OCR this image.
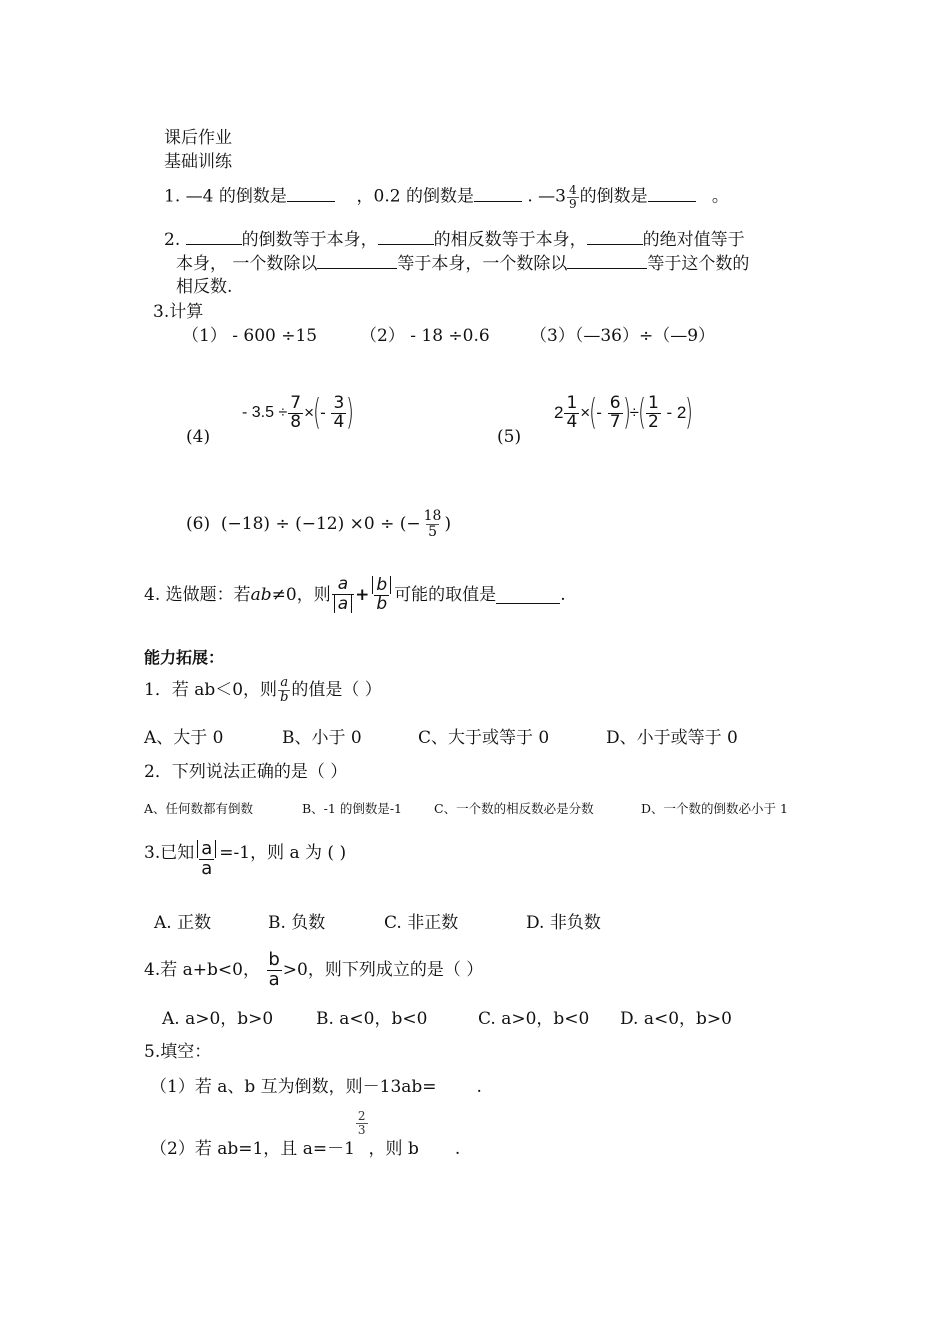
课后作业
基础训练
1. —4 的倒数是	，0.2 的倒数是	. —3 $\frac{4}{9}$ 的倒数是	。
2.	的倒数等于本身，	的相反数等于本身，	的绝对值等于
本身， 一个数除以	等于本身，一个数除以	等于这个数的
相反数.
3.计算
（1） - 600 ÷15	（2） - 18 ÷0.6 （3）（—36）÷（—9）
(4)
- $3.5 \div \frac{7}{8}$ × ( -
$\frac{3}{4}$ )
(5)
$2 \frac{1}{4}$ × ( -
$\frac{6}{7}$ ) ÷ ( $\frac{1}{2}$
- 2 )
(6)
(−18) ÷ (−12) ×0 ÷ (− $\frac{18}{5}$ )
4. 选做题：若 ab ≠0，则 $\frac{a}{a} + \frac{b}{b}$ 可能的取值是	.
能力拓展：
1．若 ab＜0，则 $\frac{a}{b}$ 的值是（ ）
A、大于 0	B、小于 0	C、大于或等于 0	D、小于或等于 0
2．下列说法正确的是（ ）
A、任何数都有倒数	B、-1 的倒数是-1	C、一个数的相反数必是分数	D、一个数的倒数必小于 1
3.已知 $\frac{a}{a} =-1$，则 a 为 ( )
A. 正数	B. 负数	C. 非正数	D. 非负数
4.若 a+b<0，
$\frac{b}{a} >0$，则下列成立的是（ ）
A. a>0，b>0	B. a<0，b<0	C. a>0，b<0 D. a<0，b>0
5.填空：
（1）若 a、b 互为倒数，则－13ab= .
（2）若 ab=1，且 a=－1
$\frac{2}{3}$
，则 b .
